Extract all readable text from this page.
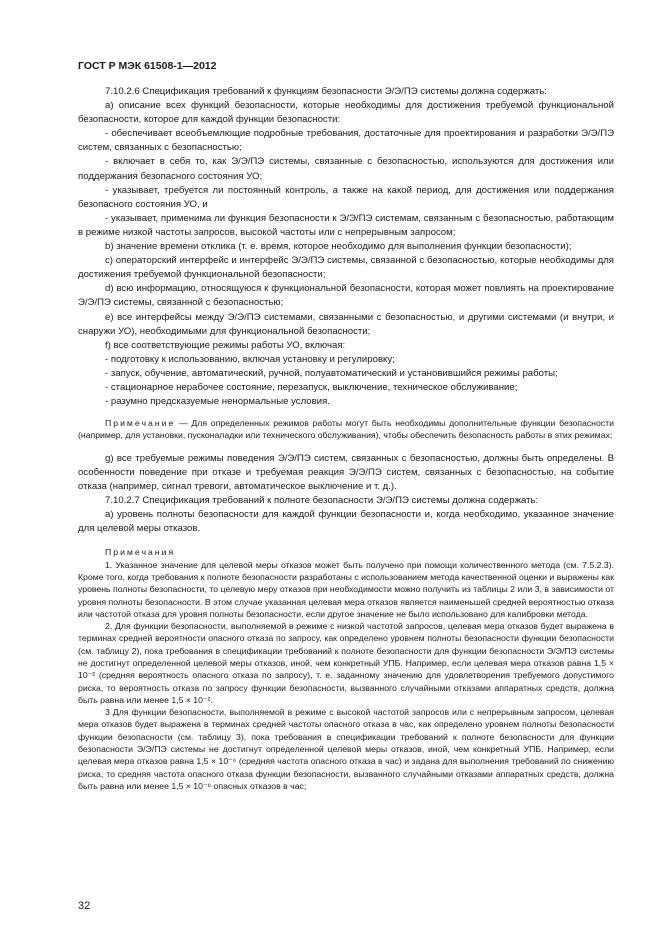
ГОСТ Р МЭК 61508-1—2012

7.10.2.6 Спецификация требований к функциям безопасности Э/Э/ПЭ системы должна содержать:

a) описание всех функций безопасности, которые необходимы для достижения требуемой функциональной безопасности, которое для каждой функции безопасности:

- обеспечивает всеобъемлющие подробные требования, достаточные для проектирования и разработки Э/Э/ПЭ систем, связанных с безопасностью;

- включает в себя то, как Э/Э/ПЭ системы, связанные с безопасностью, используются для достижения или поддержания безопасного состояния УО;

- указывает, требуется ли постоянный контроль, а также на какой период, для достижения или поддержания безопасного состояния УО, и

- указывает, применима ли функция безопасности к Э/Э/ПЭ системам, связанным с безопасностью, работающим в режиме низкой частоты запросов, высокой частоты или с непрерывным запросом;

b) значение времени отклика (т. е. время, которое необходимо для выполнения функции безопасности);

c) операторский интерфейс и интерфейс Э/Э/ПЭ системы, связанной с безопасностью, которые необходимы для достижения требуемой функциональной безопасности;

d) всю информацию, относящуюся к функциональной безопасности, которая может повлиять на проектирование Э/Э/ПЭ системы, связанной с безопасностью;

e) все интерфейсы между Э/Э/ПЭ системами, связанными с безопасностью, и другими системами (и внутри, и снаружи УО), необходимыми для функциональной безопасности;

f) все соответствующие режимы работы УО, включая:

- подготовку к использованию, включая установку и регулировку;

- запуск, обучение, автоматический, ручной, полуавтоматический и установившийся режимы работы;

- стационарное нерабочее состояние, перезапуск, выключение, техническое обслуживание;

- разумно предсказуемые ненормальные условия.

Примечание — Для определенных режимов работы могут быть необходимы дополнительные функции безопасности (например, для установки, пусконаладки или технического обслуживания), чтобы обеспечить безопасность работы в этих режимах;

g) все требуемые режимы поведения Э/Э/ПЭ систем, связанных с безопасностью, должны быть определены. В особенности поведение при отказе и требуемая реакция Э/Э/ПЭ систем, связанных с безопасностью, на событие отказа (например, сигнал тревоги, автоматическое выключение и т. д.).

7.10.2.7 Спецификация требований к полноте безопасности Э/Э/ПЭ системы должна содержать:

a) уровень полноты безопасности для каждой функции безопасности и, когда необходимо, указанное значение для целевой меры отказов.

Примечания

1. Указанное значение для целевой меры отказов может быть получено при помощи количественного метода (см. 7.5.2.3). Кроме того, когда требования к полноте безопасности разработаны с использованием метода качественной оценки и выражены как уровень полноты безопасности, то целевую меру отказов при необходимости можно получить из таблицы 2 или 3, в зависимости от уровня полноты безопасности. В этом случае указанная целевая мера отказов является наименьшей средней вероятностью отказа или частотой отказа для уровня полноты безопасности, если другое значение не было использовано для калибровки метода.

2. Для функции безопасности, выполняемой в режиме с низкой частотой запросов, целевая мера отказов будет выражена в терминах средней вероятности опасного отказа по запросу, как определено уровнем полноты безопасности функции безопасности (см. таблицу 2), пока требования в спецификации требований к полноте безопасности для функции безопасности Э/Э/ПЭ системы не достигнут определенной целевой меры отказов, иной, чем конкретный УПБ. Например, если целевая мера отказов равна 1,5 × 10⁻² (средняя вероятность опасного отказа по запросу), т. е. заданному значению для удовлетворения требуемого допустимого риска, то вероятность отказа по запросу функции безопасности, вызванного случайными отказами аппаратных средств, должна быть равна или менее 1,5 × 10⁻².

3 Для функции безопасности, выполняемой в режиме с высокой частотой запросов или с непрерывным запросом, целевая мера отказов будет выражена в терминах средней частоты опасного отказа в час, как определено уровнем полноты безопасности функции безопасности (см. таблицу 3), пока требования в спецификации требований к полноте безопасности для функции безопасности Э/Э/ПЭ системы не достигнут определенной целевой меры отказов, иной, чем конкретный УПБ. Например, если целевая мера отказов равна 1,5 × 10⁻⁶ (средняя частота опасного отказа в час) и задана для выполнения требований по снижению риска, то средняя частота опасного отказа функции безопасности, вызванного случайными отказами аппаратных средств, должна быть равна или менее 1,5 × 10⁻⁶ опасных отказов в час;

32
